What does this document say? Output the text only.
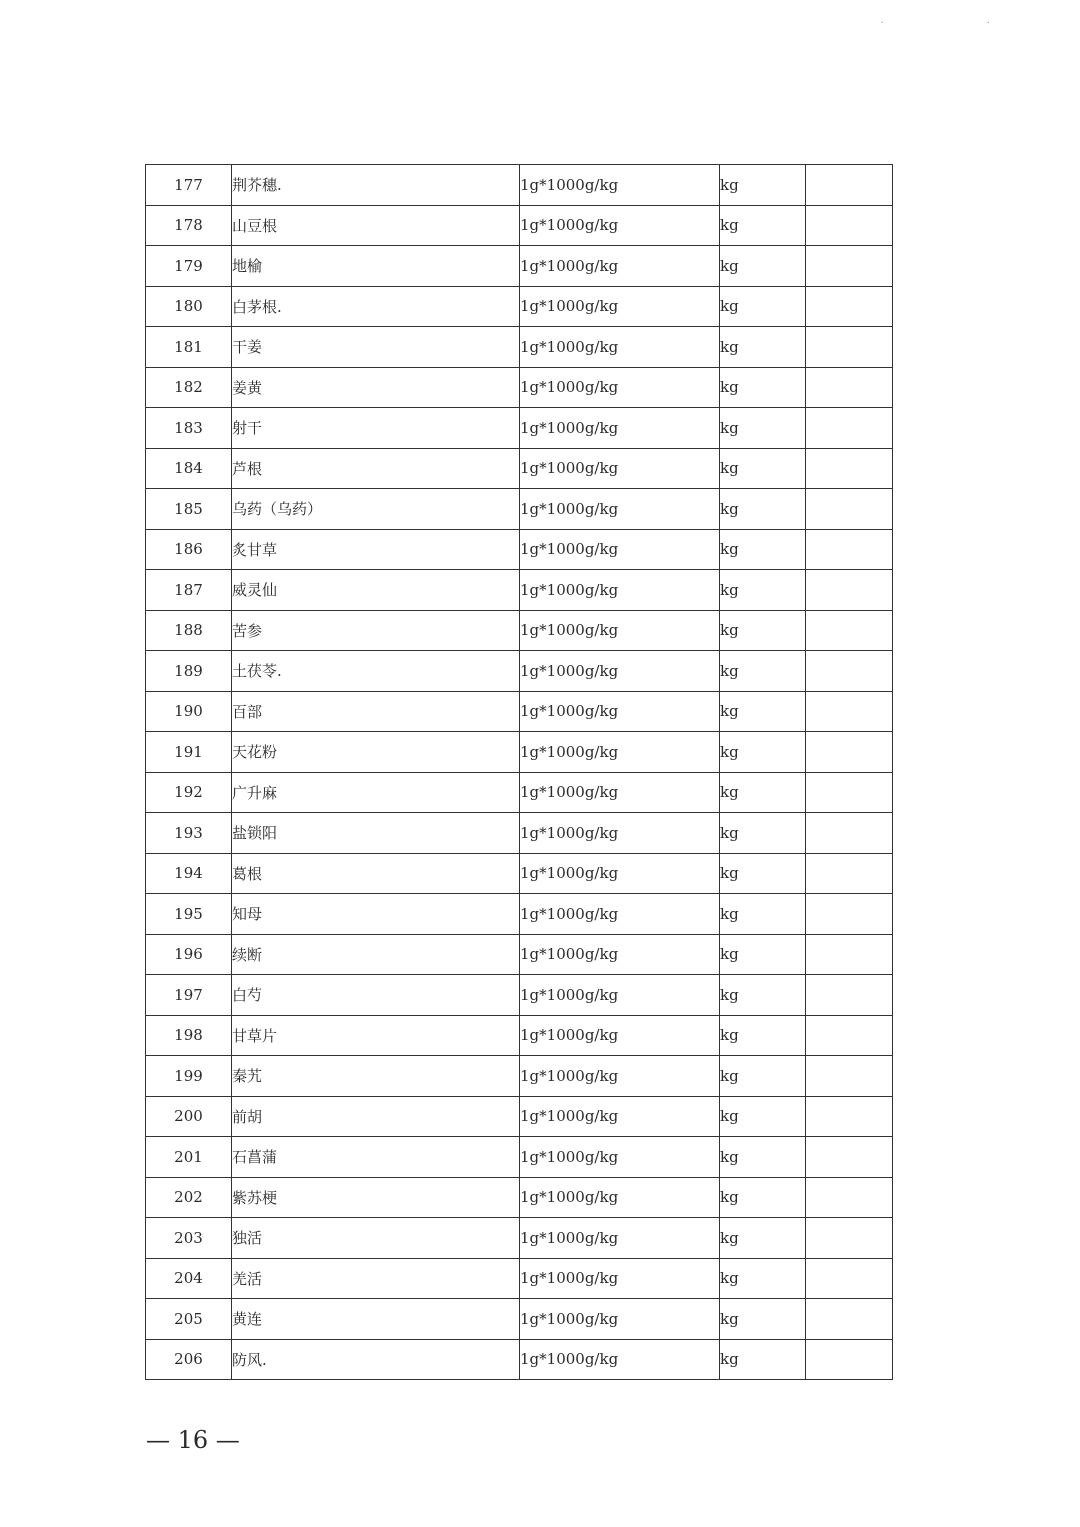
· ·
177	荆芥穗.	1g*1000g/kg	kg	
178	山豆根	1g*1000g/kg	kg	
179	地榆	1g*1000g/kg	kg	
180	白茅根.	1g*1000g/kg	kg	
181	干姜	1g*1000g/kg	kg	
182	姜黄	1g*1000g/kg	kg	
183	射干	1g*1000g/kg	kg	
184	芦根	1g*1000g/kg	kg	
185	乌药（乌药）	1g*1000g/kg	kg	
186	炙甘草	1g*1000g/kg	kg	
187	威灵仙	1g*1000g/kg	kg	
188	苦参	1g*1000g/kg	kg	
189	土茯苓.	1g*1000g/kg	kg	
190	百部	1g*1000g/kg	kg	
191	天花粉	1g*1000g/kg	kg	
192	广升麻	1g*1000g/kg	kg	
193	盐锁阳	1g*1000g/kg	kg	
194	葛根	1g*1000g/kg	kg	
195	知母	1g*1000g/kg	kg	
196	续断	1g*1000g/kg	kg	
197	白芍	1g*1000g/kg	kg	
198	甘草片	1g*1000g/kg	kg	
199	秦艽	1g*1000g/kg	kg	
200	前胡	1g*1000g/kg	kg	
201	石菖蒲	1g*1000g/kg	kg	
202	紫苏梗	1g*1000g/kg	kg	
203	独活	1g*1000g/kg	kg	
204	羌活	1g*1000g/kg	kg	
205	黄连	1g*1000g/kg	kg	
206	防风.	1g*1000g/kg	kg	
— 16 —
